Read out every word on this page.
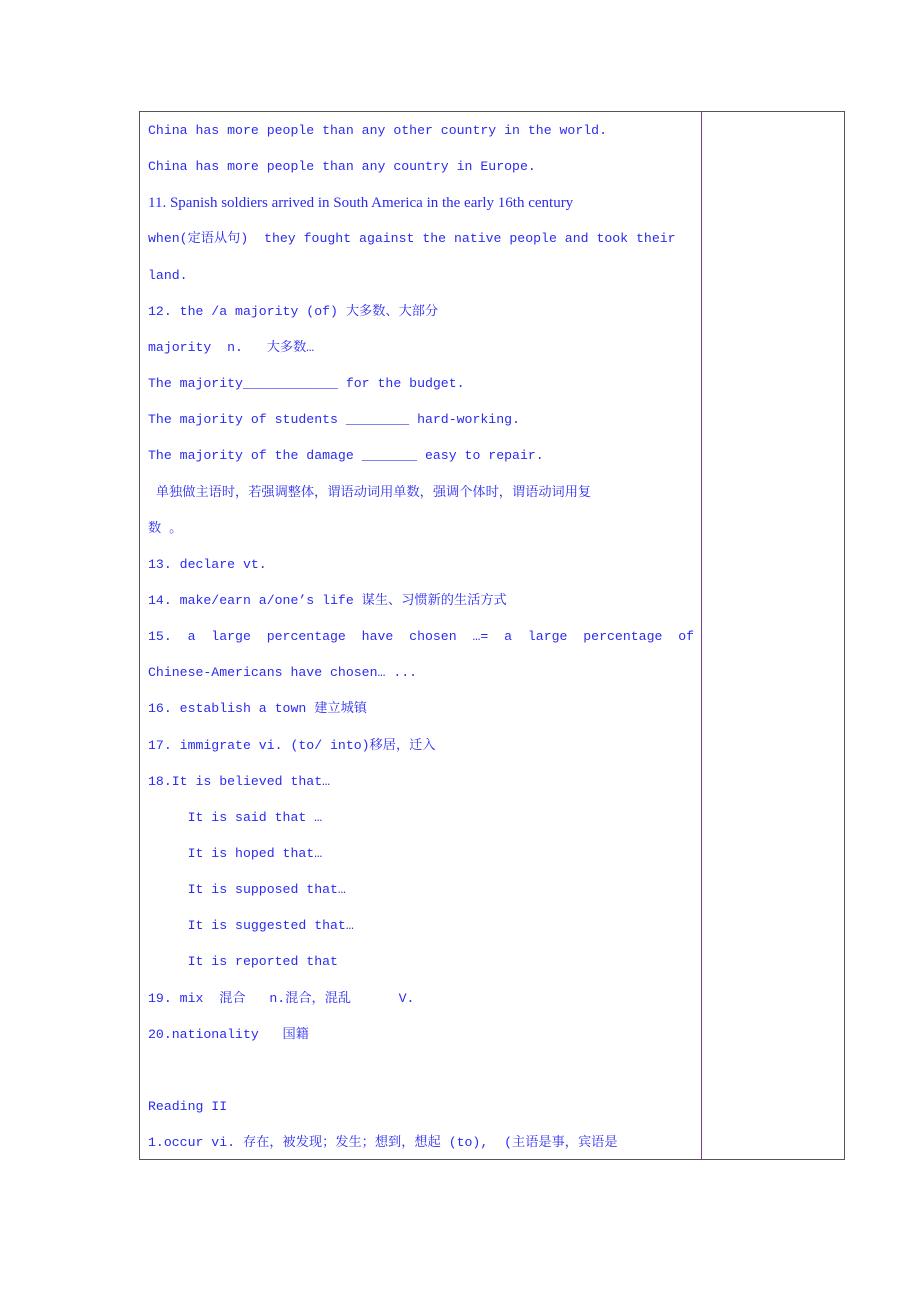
China has more people than any other country in the world.
China has more people than any country in Europe.
11. Spanish soldiers arrived in South America in the early 16th century
when(定语从句)  they fought against the native people and took their
land.
12. the /a majority (of) 大多数、大部分
majority  n.   大多数…
The majority____________ for the budget.
The majority of students ________ hard-working.
The majority of the damage _______ easy to repair.
单独做主语时，若强调整体，谓语动词用单数，强调个体时，谓语动词用复
数 。
13. declare vt.
14. make/earn a/one’s life 谋生、习惯新的生活方式
15.  a  large  percentage  have  chosen  …=  a  large  percentage  of
Chinese-Americans have chosen… ...
16. establish a town 建立城镇
17. immigrate vi. (to/ into)移居，迁入
18.It is believed that…
It is said that …
It is hoped that…
It is supposed that…
It is suggested that…
It is reported that
19. mix  混合   n.混合，混乱      V.
20.nationality   国籍
Reading II
1.occur vi. 存在，被发现；发生；想到，想起 (to),  (主语是事，宾语是
